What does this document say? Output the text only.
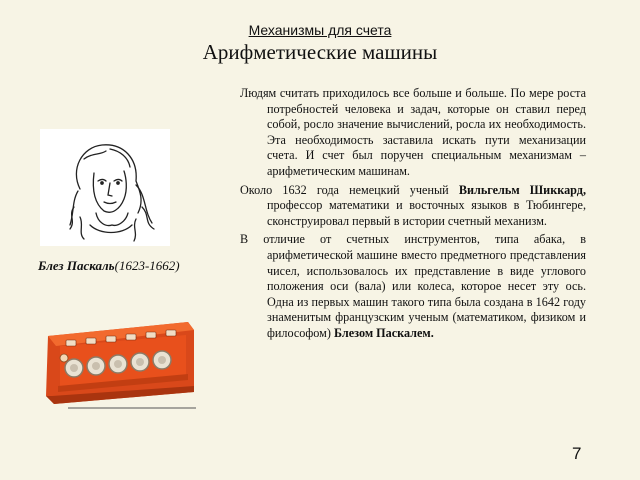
Механизмы для счета
Арифметические машины
Блез Паскаль(1623-1662)

Людям считать приходилось все больше и больше. По мере роста потребностей человека и задач, которые он ставил перед собой, росло значение вычислений, росла их необходимость. Эта необходимость заставила искать пути механизации счета. И счет был поручен специальным механизмам – арифметическим машинам.

Около 1632 года немецкий ученый Вильгельм Шиккард, профессор математики и восточных языков в Тюбингере, сконструировал первый в истории счетный механизм.

В отличие от счетных инструментов, типа абака, в арифметической машине вместо предметного представления чисел, использовалось их представление в виде углового положения оси (вала) или колеса, которое несет эту ось. Одна из первых машин такого типа была создана в 1642 году знаменитым французским ученым (математиком, физиком и философом) Блезом Паскалем.

7
